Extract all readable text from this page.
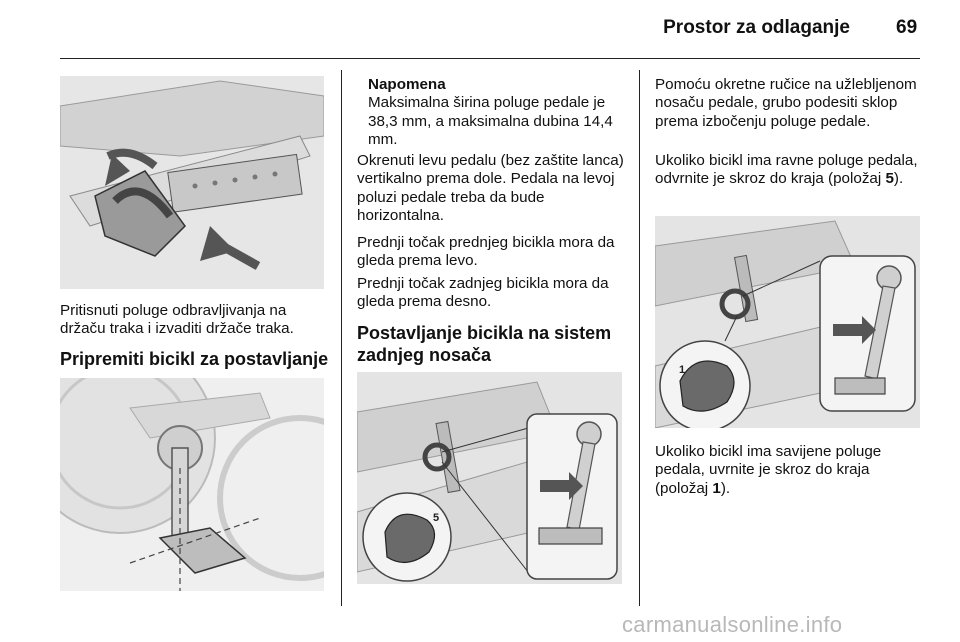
Prostor za odlaganje 69

Pritisnuti poluge odbravljivanja na držaču traka i izvaditi držače traka.

Pripremiti bicikl za postavljanje
Napomena
Maksimalna širina poluge pedale je 38,3 mm, a maksimalna dubina 14,4 mm.

Okrenuti levu pedalu (bez zaštite lanca) vertikalno prema dole. Pedala na levoj poluzi pedale treba da bude horizontalna.

Prednji točak prednjeg bicikla mora da gleda prema levo.

Prednji točak zadnjeg bicikla mora da gleda prema desno.

Postavljanje bicikla na sistem zadnjeg nosača
5

Pomoću okretne ručice na užlebljenom nosaču pedale, grubo podesiti sklop prema izbočenju poluge pedale.

Ukoliko bicikl ima ravne poluge pedala, odvrnite je skroz do kraja (položaj 5).

1

Ukoliko bicikl ima savijene poluge pedala, uvrnite je skroz do kraja (položaj 1).

carmanualsonline.info
